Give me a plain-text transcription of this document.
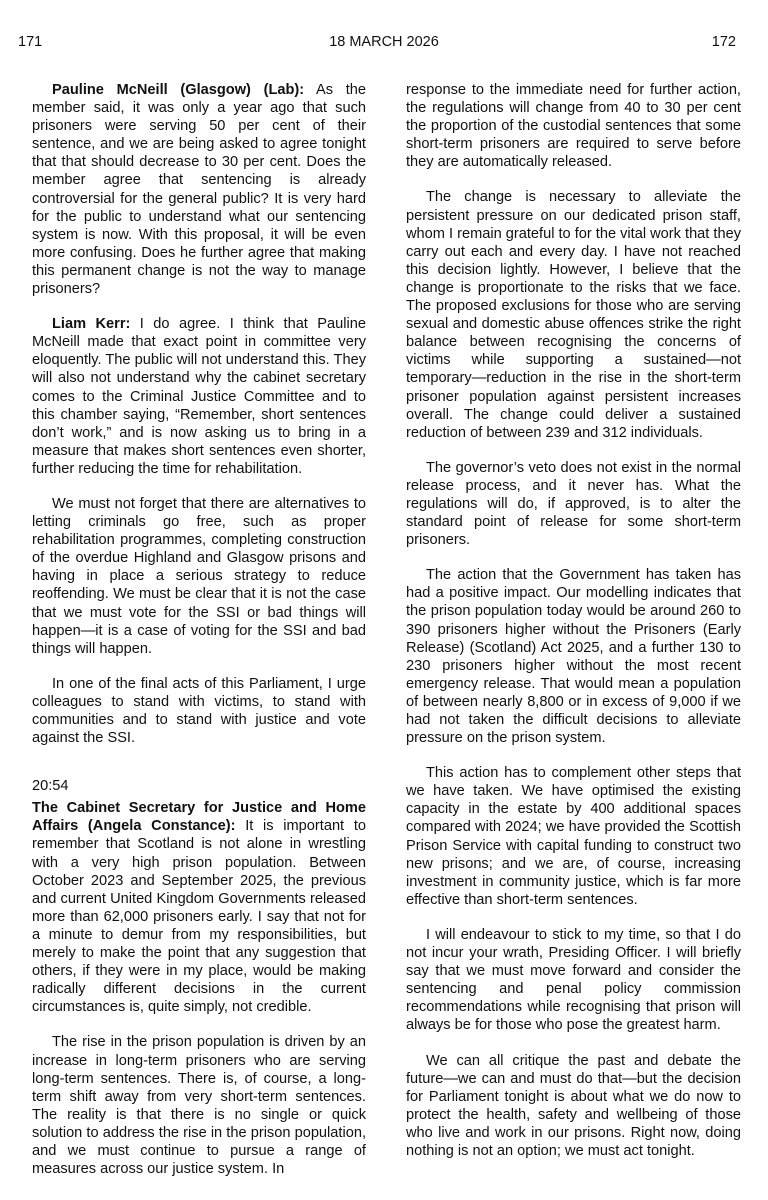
171	18 MARCH 2026	172

Pauline McNeill (Glasgow) (Lab): As the member said, it was only a year ago that such prisoners were serving 50 per cent of their sentence, and we are being asked to agree tonight that that should decrease to 30 per cent. Does the member agree that sentencing is already controversial for the general public? It is very hard for the public to understand what our sentencing system is now. With this proposal, it will be even more confusing. Does he further agree that making this permanent change is not the way to manage prisoners?

Liam Kerr: I do agree. I think that Pauline McNeill made that exact point in committee very eloquently. The public will not understand this. They will also not understand why the cabinet secretary comes to the Criminal Justice Committee and to this chamber saying, “Remember, short sentences don’t work,” and is now asking us to bring in a measure that makes short sentences even shorter, further reducing the time for rehabilitation.

We must not forget that there are alternatives to letting criminals go free, such as proper rehabilitation programmes, completing construction of the overdue Highland and Glasgow prisons and having in place a serious strategy to reduce reoffending. We must be clear that it is not the case that we must vote for the SSI or bad things will happen—it is a case of voting for the SSI and bad things will happen.

In one of the final acts of this Parliament, I urge colleagues to stand with victims, to stand with communities and to stand with justice and vote against the SSI.

20:54

The Cabinet Secretary for Justice and Home Affairs (Angela Constance): It is important to remember that Scotland is not alone in wrestling with a very high prison population. Between October 2023 and September 2025, the previous and current United Kingdom Governments released more than 62,000 prisoners early. I say that not for a minute to demur from my responsibilities, but merely to make the point that any suggestion that others, if they were in my place, would be making radically different decisions in the current circumstances is, quite simply, not credible.

The rise in the prison population is driven by an increase in long-term prisoners who are serving long-term sentences. There is, of course, a long-term shift away from very short-term sentences. The reality is that there is no single or quick solution to address the rise in the prison population, and we must continue to pursue a range of measures across our justice system. In

response to the immediate need for further action, the regulations will change from 40 to 30 per cent the proportion of the custodial sentences that some short-term prisoners are required to serve before they are automatically released.

The change is necessary to alleviate the persistent pressure on our dedicated prison staff, whom I remain grateful to for the vital work that they carry out each and every day. I have not reached this decision lightly. However, I believe that the change is proportionate to the risks that we face. The proposed exclusions for those who are serving sexual and domestic abuse offences strike the right balance between recognising the concerns of victims while supporting a sustained—not temporary—reduction in the rise in the short-term prisoner population against persistent increases overall. The change could deliver a sustained reduction of between 239 and 312 individuals.

The governor’s veto does not exist in the normal release process, and it never has. What the regulations will do, if approved, is to alter the standard point of release for some short-term prisoners.

The action that the Government has taken has had a positive impact. Our modelling indicates that the prison population today would be around 260 to 390 prisoners higher without the Prisoners (Early Release) (Scotland) Act 2025, and a further 130 to 230 prisoners higher without the most recent emergency release. That would mean a population of between nearly 8,800 or in excess of 9,000 if we had not taken the difficult decisions to alleviate pressure on the prison system.

This action has to complement other steps that we have taken. We have optimised the existing capacity in the estate by 400 additional spaces compared with 2024; we have provided the Scottish Prison Service with capital funding to construct two new prisons; and we are, of course, increasing investment in community justice, which is far more effective than short-term sentences.

I will endeavour to stick to my time, so that I do not incur your wrath, Presiding Officer. I will briefly say that we must move forward and consider the sentencing and penal policy commission recommendations while recognising that prison will always be for those who pose the greatest harm.

We can all critique the past and debate the future—we can and must do that—but the decision for Parliament tonight is about what we do now to protect the health, safety and wellbeing of those who live and work in our prisons. Right now, doing nothing is not an option; we must act tonight.
